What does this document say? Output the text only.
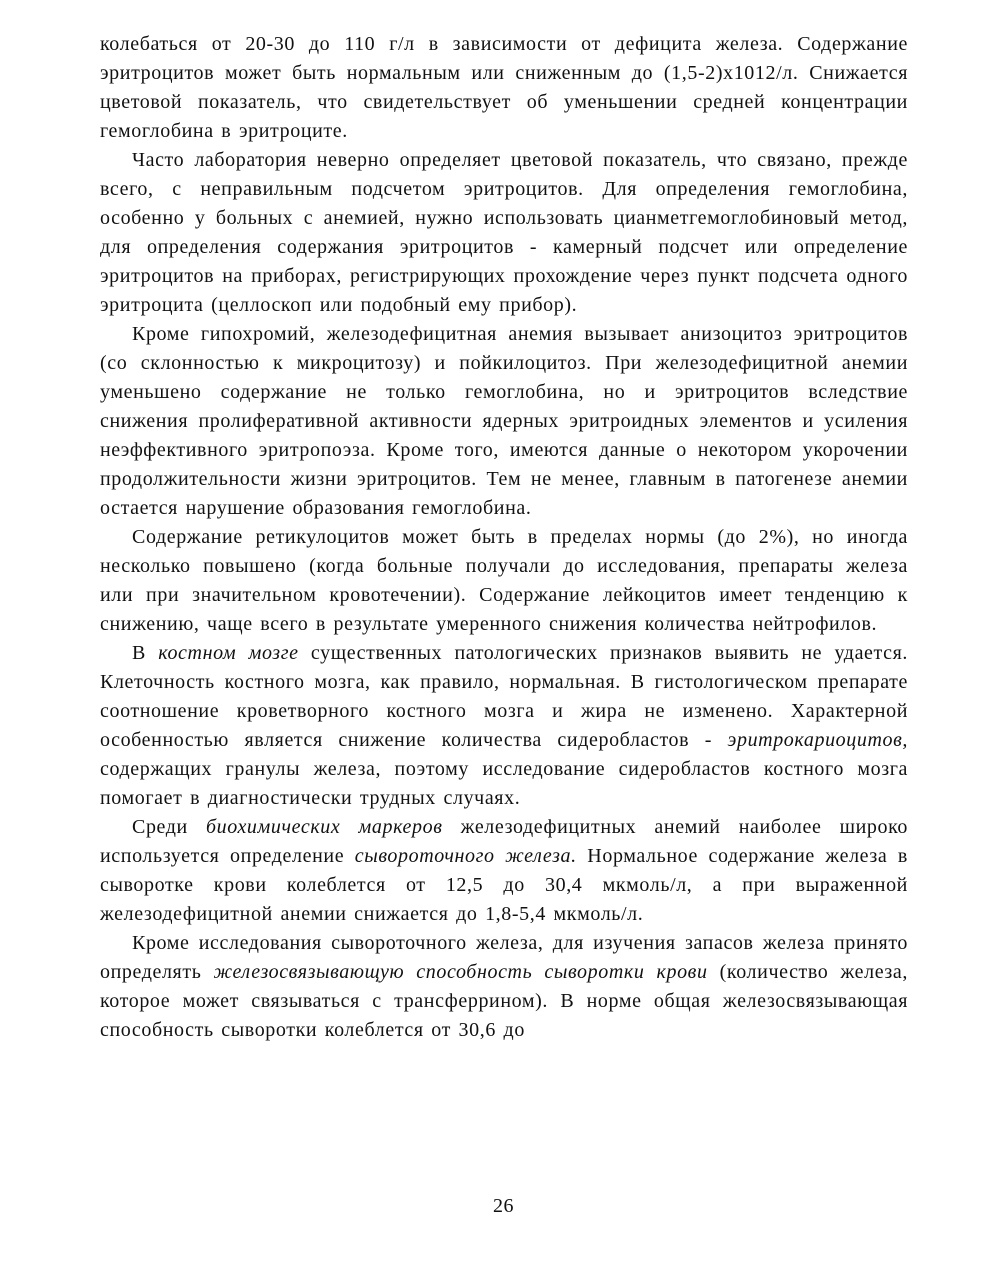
колебаться от 20-30 до 110 г/л в зависимости от дефицита железа. Содержание эритроцитов может быть нормальным или сниженным до (1,5-2)х1012/л. Снижается цветовой показатель, что свидетельствует об уменьшении средней концентрации гемоглобина в эритроците.

Часто лаборатория неверно определяет цветовой показатель, что связано, прежде всего, с неправильным подсчетом эритроцитов. Для определения гемоглобина, особенно у больных с анемией, нужно использовать цианметгемоглобиновый метод, для определения содержания эритроцитов - камерный подсчет или определение эритроцитов на приборах, регистрирующих прохождение через пункт подсчета одного эритроцита (целлоскоп или подобный ему прибор).

Кроме гипохромий, железодефицитная анемия вызывает анизоцитоз эритроцитов (со склонностью к микроцитозу) и пойкилоцитоз. При железодефицитной анемии уменьшено содержание не только гемоглобина, но и эритроцитов вследствие снижения пролиферативной активности ядерных эритроидных элементов и усиления неэффективного эритропоэза. Кроме того, имеются данные о некотором укорочении продолжительности жизни эритроцитов. Тем не менее, главным в патогенезе анемии остается нарушение образования гемоглобина.

Содержание ретикулоцитов может быть в пределах нормы (до 2%), но иногда несколько повышено (когда больные получали до исследования, препараты железа или при значительном кровотечении). Содержание лейкоцитов имеет тенденцию к снижению, чаще всего в результате умеренного снижения количества нейтрофилов.

В костном мозге существенных патологических признаков выявить не удается. Клеточность костного мозга, как правило, нормальная. В гистологическом препарате соотношение кроветворного костного мозга и жира не изменено. Характерной особенностью является снижение количества сидеробластов - эритрокариоцитов, содержащих гранулы железа, поэтому исследование сидеробластов костного мозга помогает в диагностически трудных случаях.

Среди биохимических маркеров железодефицитных анемий наиболее широко используется определение сывороточного железа. Нормальное содержание железа в сыворотке крови колеблется от 12,5 до 30,4 мкмоль/л, а при выраженной железодефицитной анемии снижается до 1,8-5,4 мкмоль/л.

Кроме исследования сывороточного железа, для изучения запасов железа принято определять железосвязывающую способность сыворотки крови (количество железа, которое может связываться с трансферрином). В норме общая железосвязывающая способность сыворотки колеблется от 30,6 до

26
